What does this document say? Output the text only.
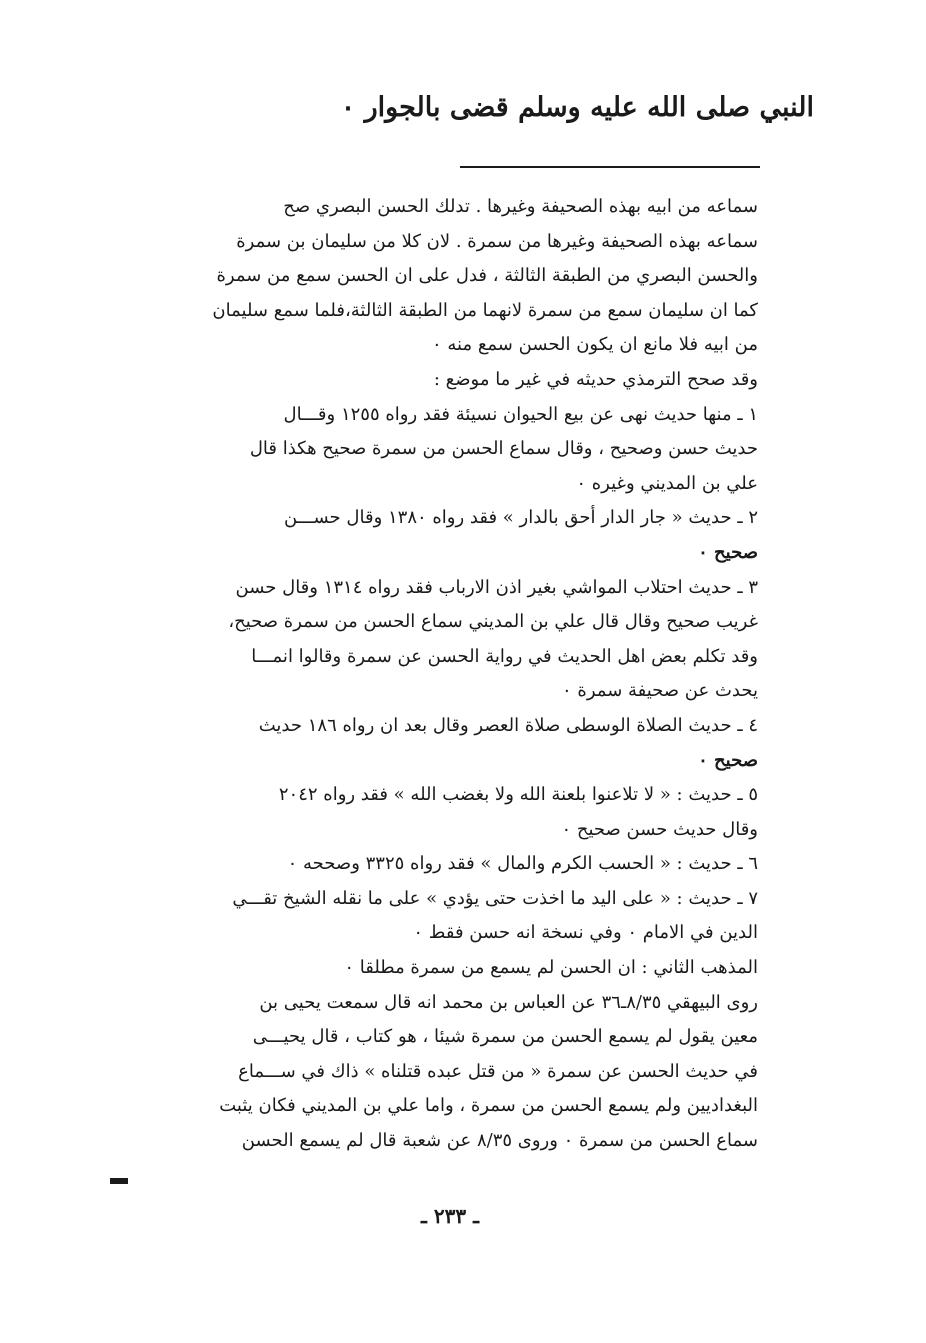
النبي صلى الله عليه وسلم قضى بالجوار ٠
سماعه من ابيه بهذه الصحيفة وغيرها . تدلك الحسن البصري صح
سماعه بهذه الصحيفة وغيرها من سمرة . لان كلا من سليمان بن سمرة
والحسن البصري من الطبقة الثالثة ، فدل على ان الحسن سمع من سمرة
كما ان سليمان سمع من سمرة لانهما من الطبقة الثالثة،فلما سمع سليمان
من ابيه فلا مانع ان يكون الحسن سمع منه ٠
وقد صحح الترمذي حديثه في غير ما موضع :
١ ـ منها حديث نهى عن بيع الحيوان نسيئة فقد رواه ١٢٥٥ وقـــال
حديث حسن وصحيح ، وقال سماع الحسن من سمرة صحيح هكذا قال
علي بن المديني وغيره ٠
٢ ـ حديث « جار الدار أحق بالدار » فقد رواه ١٣٨٠ وقال حســـن
صحيح ٠
٣ ـ حديث احتلاب المواشي بغير اذن الارباب فقد رواه ١٣١٤ وقال حسن
غريب صحيح وقال قال علي بن المديني سماع الحسن من سمرة صحيح،
وقد تكلم بعض اهل الحديث في رواية الحسن عن سمرة وقالوا انمـــا
يحدث عن صحيفة سمرة ٠
٤ ـ حديث الصلاة الوسطى صلاة العصر وقال بعد ان رواه ١٨٦ حديث
صحيح ٠
٥ ـ حديث : « لا تلاعنوا بلعنة الله ولا بغضب الله » فقد رواه ٢٠٤٢
وقال حديث حسن صحيح ٠
٦ ـ حديث : « الحسب الكرم والمال » فقد رواه ٣٣٢٥ وصححه ٠
٧ ـ حديث : « على اليد ما اخذت حتى يؤدي » على ما نقله الشيخ تقـــي
الدين في الامام ٠ وفي نسخة انه حسن فقط ٠
المذهب الثاني : ان الحسن لم يسمع من سمرة مطلقا ٠
روى البيهقي ٨/٣٥ـ٣٦ عن العباس بن محمد انه قال سمعت يحيى بن
معين يقول لم يسمع الحسن من سمرة شيئا ، هو كتاب ، قال يحيـــى
في حديث الحسن عن سمرة « من قتل عبده قتلناه » ذاك في ســـماع
البغداديين ولم يسمع الحسن من سمرة ، واما علي بن المديني فكان يثبت
سماع الحسن من سمرة ٠ وروى ٨/٣٥ عن شعبة قال لم يسمع الحسن
ـ ٢٣٣ ـ
